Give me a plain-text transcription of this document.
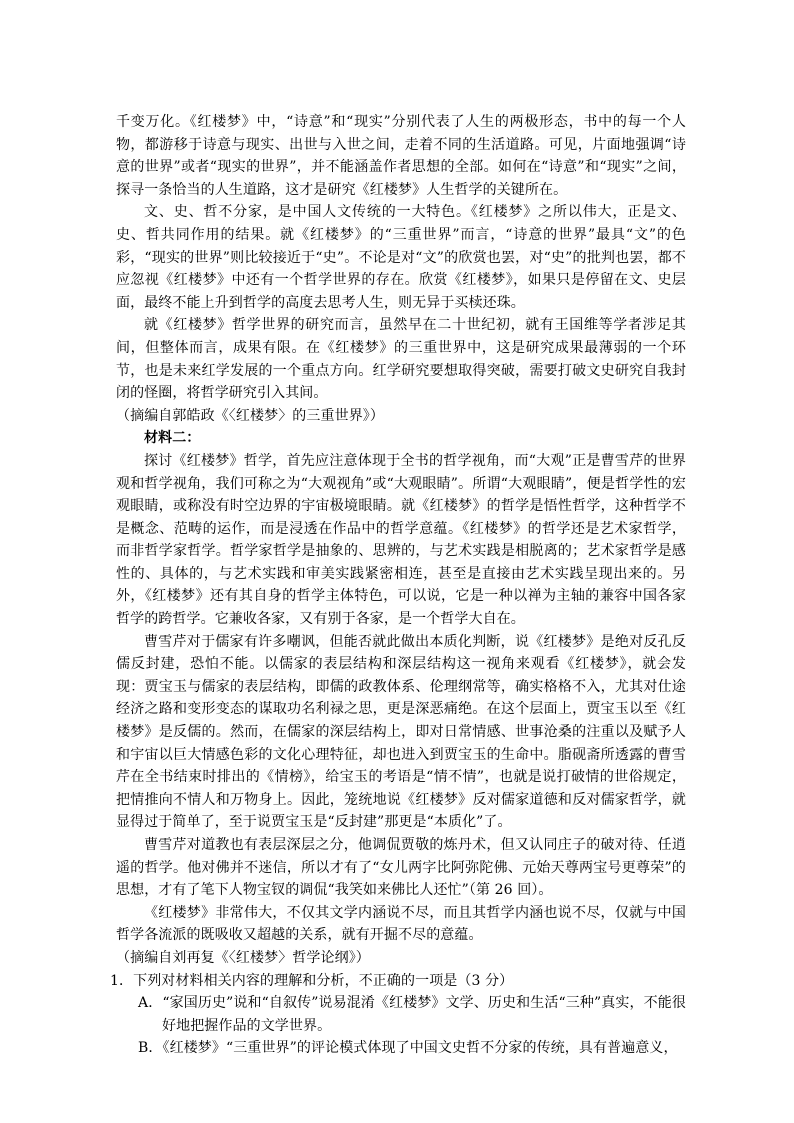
千变万化。《红楼梦》中，“诗意”和“现实”分别代表了人生的两极形态，书中的每一个人物，都游移于诗意与现实、出世与入世之间，走着不同的生活道路。可见，片面地强调“诗意的世界”或者“现实的世界”，并不能涵盖作者思想的全部。如何在“诗意”和“现实”之间，探寻一条恰当的人生道路，这才是研究《红楼梦》人生哲学的关键所在。

文、史、哲不分家，是中国人文传统的一大特色。《红楼梦》之所以伟大，正是文、史、哲共同作用的结果。就《红楼梦》的“三重世界”而言，“诗意的世界”最具“文”的色彩，“现实的世界”则比较接近于“史”。不论是对“文”的欣赏也罢，对“史”的批判也罢，都不应忽视《红楼梦》中还有一个哲学世界的存在。欣赏《红楼梦》，如果只是停留在文、史层面，最终不能上升到哲学的高度去思考人生，则无异于买椟还珠。

就《红楼梦》哲学世界的研究而言，虽然早在二十世纪初，就有王国维等学者涉足其间，但整体而言，成果有限。在《红楼梦》的三重世界中，这是研究成果最薄弱的一个环节，也是未来红学发展的一个重点方向。红学研究要想取得突破，需要打破文史研究自我封闭的怪圈，将哲学研究引入其间。

（摘编自郭皓政《〈红楼梦〉的三重世界》）

材料二：

探讨《红楼梦》哲学，首先应注意体现于全书的哲学视角，而“大观”正是曹雪芹的世界观和哲学视角，我们可称之为“大观视角”或“大观眼睛”。所谓“大观眼睛”，便是哲学性的宏观眼睛，或称没有时空边界的宇宙极境眼睛。就《红楼梦》的哲学是悟性哲学，这种哲学不是概念、范畴的运作，而是浸透在作品中的哲学意蕴。《红楼梦》的哲学还是艺术家哲学，而非哲学家哲学。哲学家哲学是抽象的、思辨的，与艺术实践是相脱离的；艺术家哲学是感性的、具体的，与艺术实践和审美实践紧密相连，甚至是直接由艺术实践呈现出来的。另外，《红楼梦》还有其自身的哲学主体特色，可以说，它是一种以禅为主轴的兼容中国各家哲学的跨哲学。它兼收各家，又有别于各家，是一个哲学大自在。

曹雪芹对于儒家有许多嘲讽，但能否就此做出本质化判断，说《红楼梦》是绝对反孔反儒反封建，恐怕不能。以儒家的表层结构和深层结构这一视角来观看《红楼梦》，就会发现：贾宝玉与儒家的表层结构，即儒的政教体系、伦理纲常等，确实格格不入，尤其对仕途经济之路和变形变态的谋取功名利禄之思，更是深恶痛绝。在这个层面上，贾宝玉以至《红楼梦》是反儒的。然而，在儒家的深层结构上，即对日常情感、世事沧桑的注重以及赋予人和宇宙以巨大情感色彩的文化心理特征，却也进入到贾宝玉的生命中。脂砚斋所透露的曹雪芹在全书结束时排出的《情榜》，给宝玉的考语是“情不情”，也就是说打破情的世俗规定，把情推向不情人和万物身上。因此，笼统地说《红楼梦》反对儒家道德和反对儒家哲学，就显得过于简单了，至于说贾宝玉是“反封建”那更是“本质化”了。

曹雪芹对道教也有表层深层之分，他调侃贾敬的炼丹术，但又认同庄子的破对待、任逍遥的哲学。他对佛并不迷信，所以才有了“女儿两字比阿弥陀佛、元始天尊两宝号更尊荣”的思想，才有了笔下人物宝钗的调侃“我笑如来佛比人还忙”（第 26 回）。

《红楼梦》非常伟大，不仅其文学内涵说不尽，而且其哲学内涵也说不尽，仅就与中国哲学各流派的既吸收又超越的关系，就有开掘不尽的意蕴。

（摘编自刘再复《〈红楼梦〉哲学论纲》）

1．下列对材料相关内容的理解和分析，不正确的一项是（3 分）

A．“家国历史”说和“自叙传”说易混淆《红楼梦》文学、历史和生活“三种”真实，不能很好地把握作品的文学世界。

B．《红楼梦》“三重世界”的评论模式体现了中国文史哲不分家的传统，具有普遍意义，
